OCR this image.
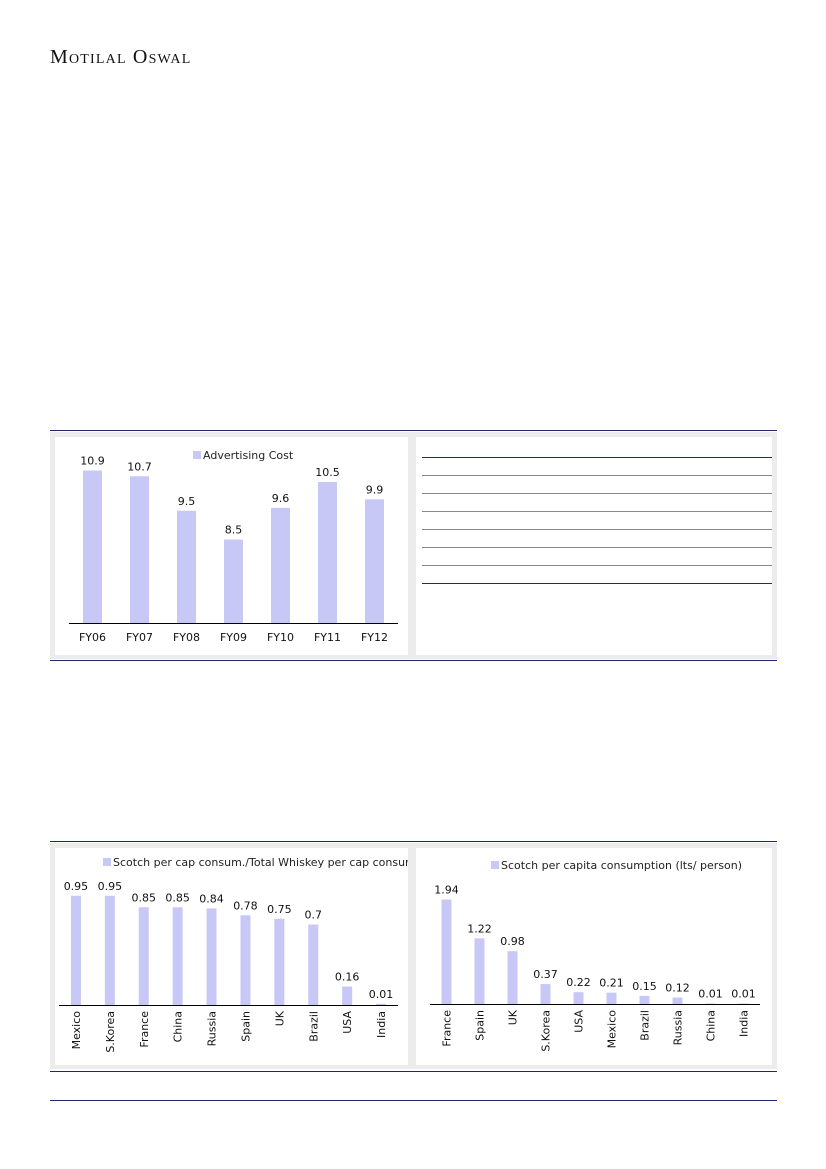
Motilal Oswal
Advertising Cost
10.9
FY06
10.7
FY07
9.5
FY08
8.5
FY09
9.6
FY10
10.5
FY11
9.9
FY12
Scotch per cap consum./Total Whiskey per cap consum
0.95
Mexico
0.95
S.Korea
0.85
France
0.85
China
0.84
Russia
0.78
Spain
0.75
UK
0.7
Brazil
0.16
USA
0.01
India
Scotch per capita consumption (lts/ person)
1.94
France
1.22
Spain
0.98
UK
0.37
S.Korea
0.22
USA
0.21
Mexico
0.15
Brazil
0.12
Russia
0.01
China
0.01
India
